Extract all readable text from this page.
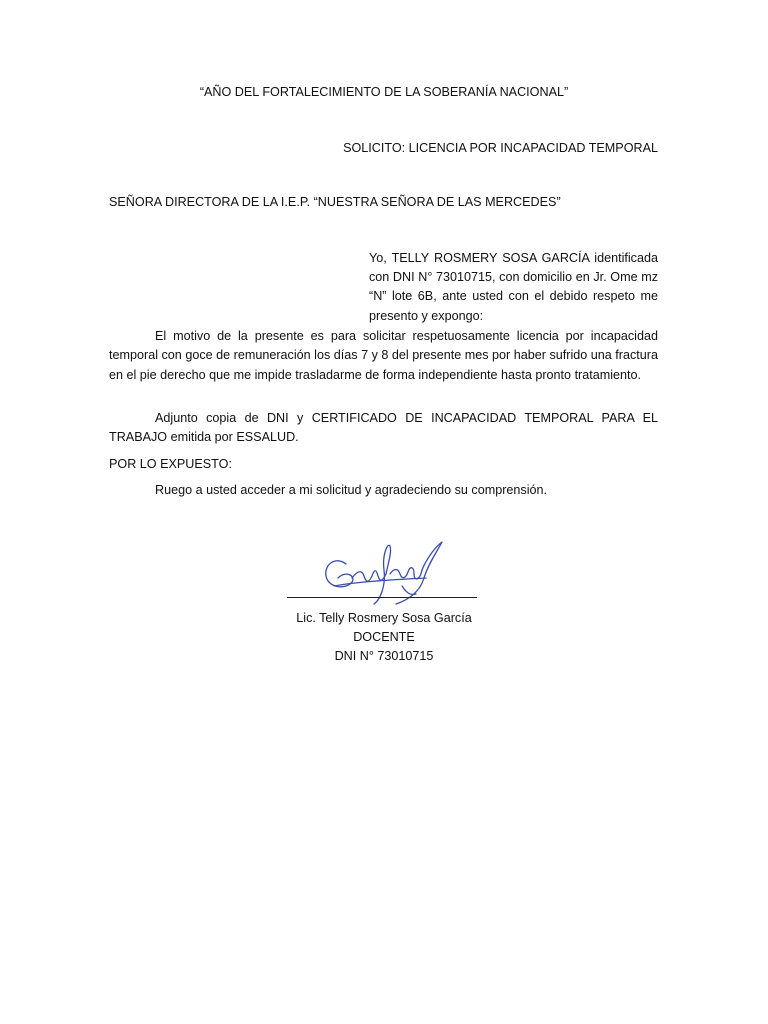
“AÑO DEL FORTALECIMIENTO DE LA SOBERANÍA NACIONAL”
SOLICITO: LICENCIA POR INCAPACIDAD TEMPORAL
SEÑORA DIRECTORA DE LA I.E.P. “NUESTRA SEÑORA DE LAS MERCEDES”
Yo, TELLY ROSMERY SOSA GARCÍA identificada con DNI N° 73010715, con domicilio en Jr. Ome mz “N” lote 6B, ante usted con el debido respeto me presento y expongo:
El motivo de la presente es para solicitar respetuosamente licencia por incapacidad temporal con goce de remuneración los días 7 y 8 del presente mes por haber sufrido una fractura en el pie derecho que me impide trasladarme de forma independiente hasta pronto tratamiento.
Adjunto copia de DNI y CERTIFICADO DE INCAPACIDAD TEMPORAL PARA EL TRABAJO emitida por ESSALUD.
POR LO EXPUESTO:
Ruego a usted acceder a mi solicitud y agradeciendo su comprensión.
Lic. Telly Rosmery Sosa García
DOCENTE
DNI N° 73010715
